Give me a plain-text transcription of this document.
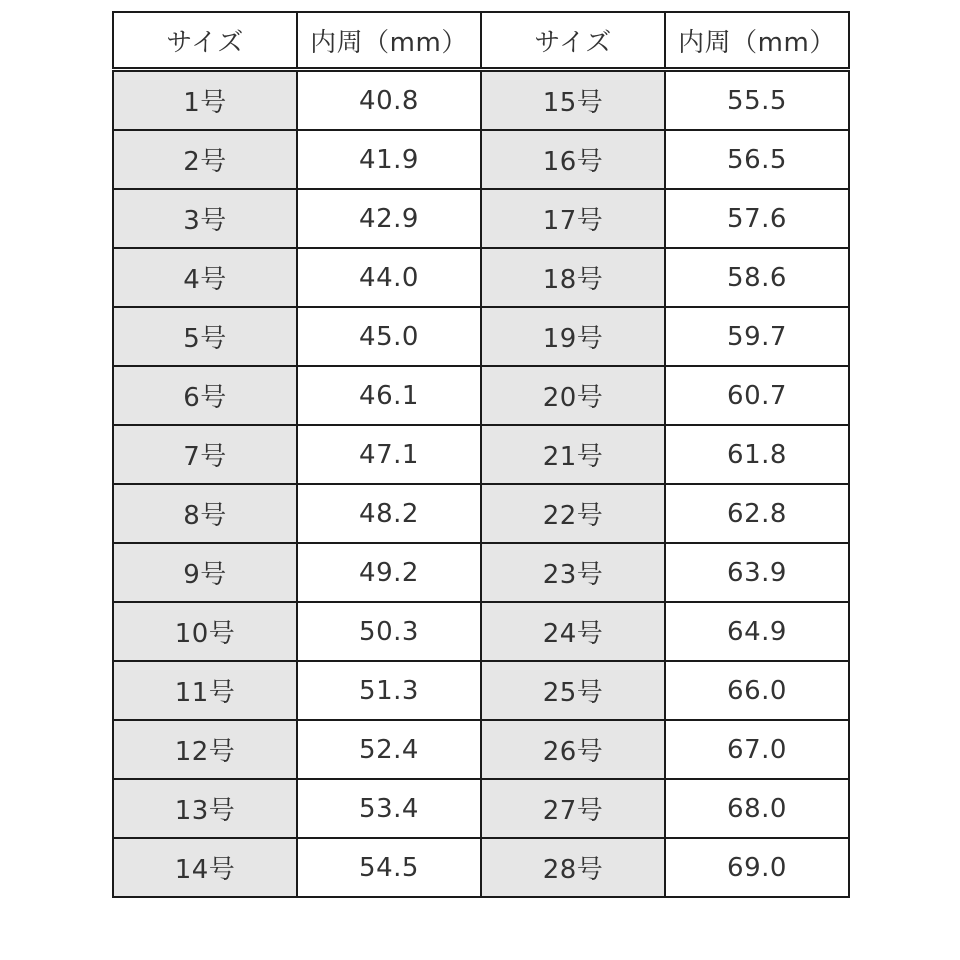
サイズ	内周（mm）	サイズ	内周（mm）
1号	40.8	15号	55.5
2号	41.9	16号	56.5
3号	42.9	17号	57.6
4号	44.0	18号	58.6
5号	45.0	19号	59.7
6号	46.1	20号	60.7
7号	47.1	21号	61.8
8号	48.2	22号	62.8
9号	49.2	23号	63.9
10号	50.3	24号	64.9
11号	51.3	25号	66.0
12号	52.4	26号	67.0
13号	53.4	27号	68.0
14号	54.5	28号	69.0
